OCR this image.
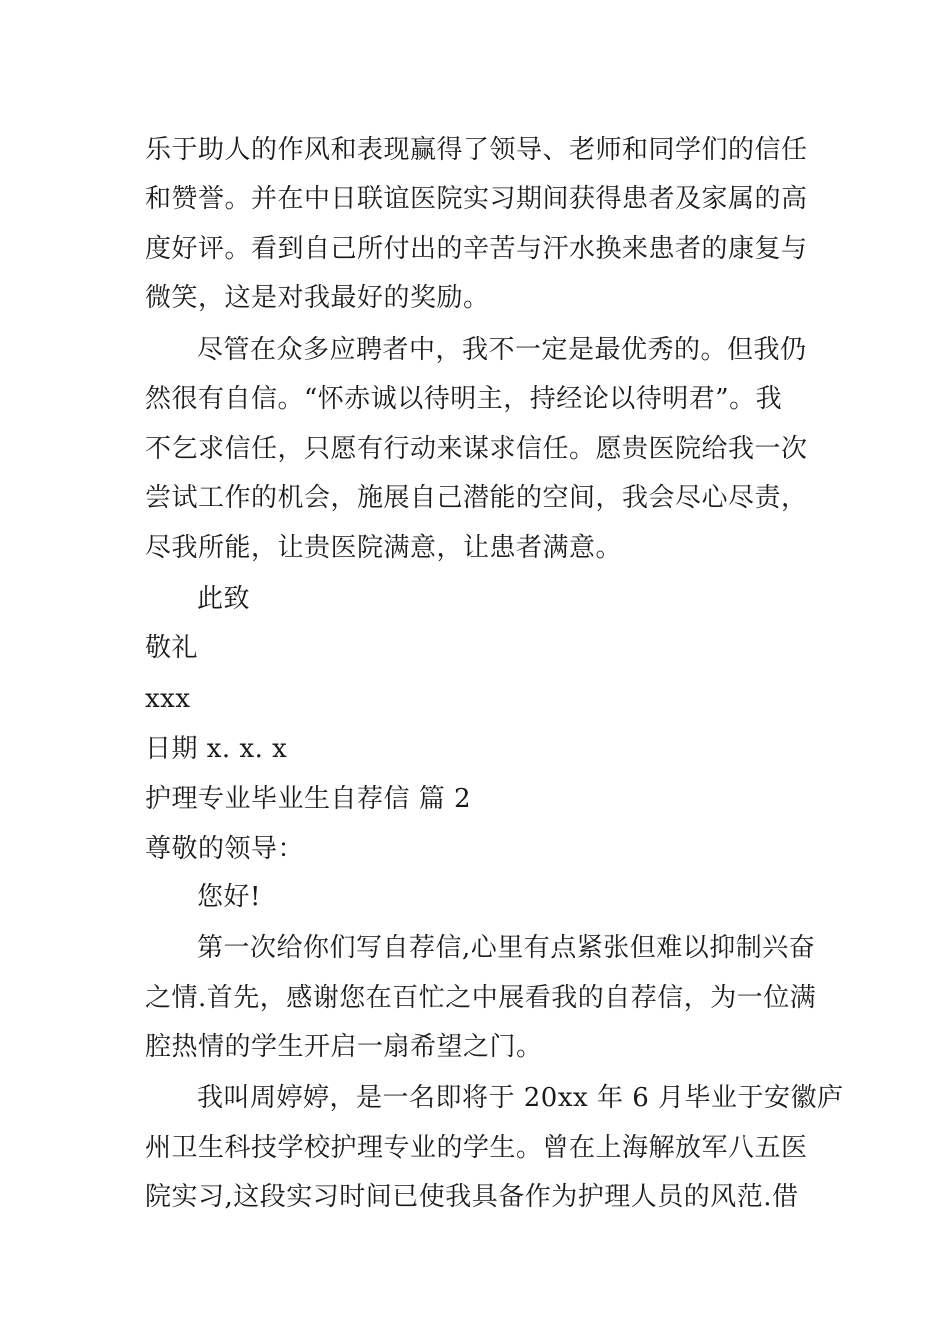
乐于助人的作风和表现赢得了领导、老师和同学们的信任
和赞誉。并在中日联谊医院实习期间获得患者及家属的高
度好评。看到自己所付出的辛苦与汗水换来患者的康复与
微笑，这是对我最好的奖励。
尽管在众多应聘者中，我不一定是最优秀的。但我仍
然很有自信。“怀赤诚以待明主，持经论以待明君”。我
不乞求信任，只愿有行动来谋求信任。愿贵医院给我一次
尝试工作的机会，施展自己潜能的空间，我会尽心尽责，
尽我所能，让贵医院满意，让患者满意。
此致
敬礼
xxx
日期 x. x. x
护理专业毕业生自荐信 篇 2
尊敬的领导：
您好!
第一次给你们写自荐信,心里有点紧张但难以抑制兴奋
之情.首先，感谢您在百忙之中展看我的自荐信，为一位满
腔热情的学生开启一扇希望之门。
我叫周婷婷，是一名即将于 20xx 年 6 月毕业于安徽庐
州卫生科技学校护理专业的学生。曾在上海解放军八五医
院实习,这段实习时间已使我具备作为护理人员的风范.借
